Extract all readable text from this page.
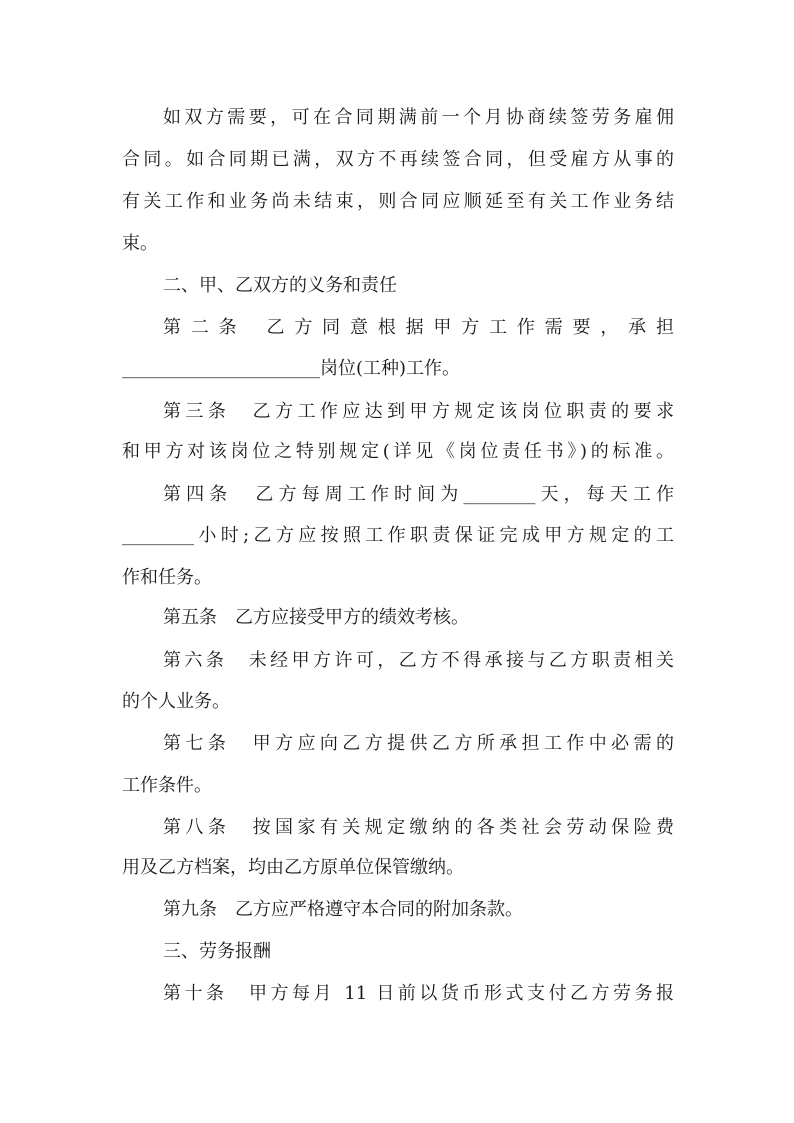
如双方需要，可在合同期满前一个月协商续签劳务雇佣
合同。如合同期已满，双方不再续签合同，但受雇方从事的
有关工作和业务尚未结束，则合同应顺延至有关工作业务结
束。
二、甲、乙双方的义务和责任
第 二 条　 乙 方 同 意 根 据 甲 方 工 作 需 要 ， 承 担
______________________岗位(工种)工作。
第三条　乙方工作应达到甲方规定该岗位职责的要求
和甲方对该岗位之特别规定(详见《岗位责任书》)的标准。
第四条　乙方每周工作时间为________天，每天工作
________小时;乙方应按照工作职责保证完成甲方规定的工
作和任务。
第五条　乙方应接受甲方的绩效考核。
第六条　未经甲方许可，乙方不得承接与乙方职责相关
的个人业务。
第七条　甲方应向乙方提供乙方所承担工作中必需的
工作条件。
第八条　按国家有关规定缴纳的各类社会劳动保险费
用及乙方档案，均由乙方原单位保管缴纳。
第九条　乙方应严格遵守本合同的附加条款。
三、劳务报酬
第十条　甲方每月 11 日前以货币形式支付乙方劳务报
